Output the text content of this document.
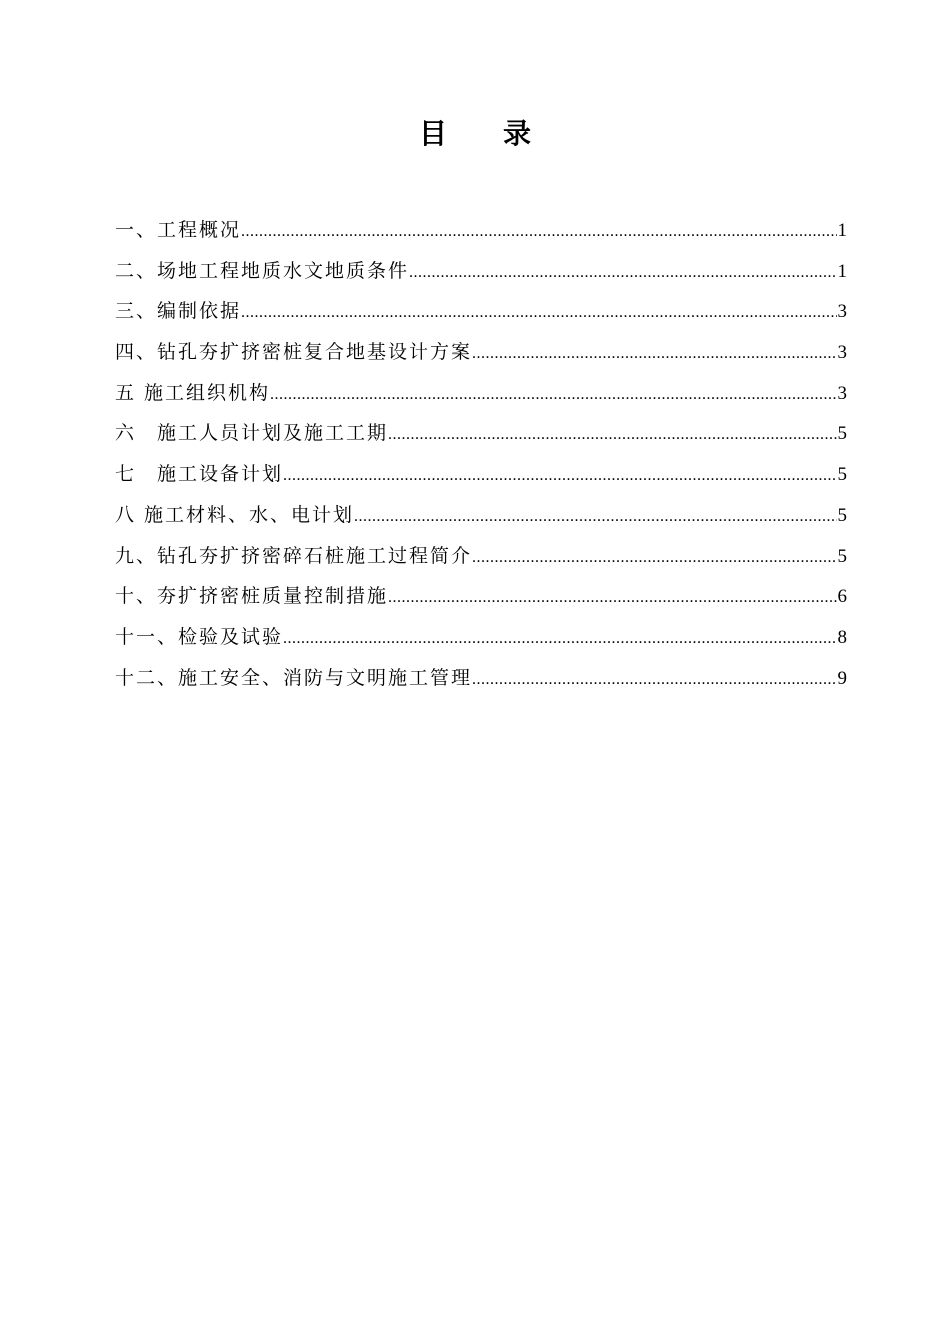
目　　录
一、工程概况 .....	1
二、场地工程地质水文地质条件 .....	1
三、编制依据 .....	3
四、钻孔夯扩挤密桩复合地基设计方案 .....	3
五 施工组织机构 .....	3
六　施工人员计划及施工工期 .....	5
七　施工设备计划 .....	5
八 施工材料、水、电计划 .....	5
九、钻孔夯扩挤密碎石桩施工过程简介 .....	5
十、夯扩挤密桩质量控制措施 .....	6
十一、检验及试验 .....	8
十二、施工安全、消防与文明施工管理 .....	9
